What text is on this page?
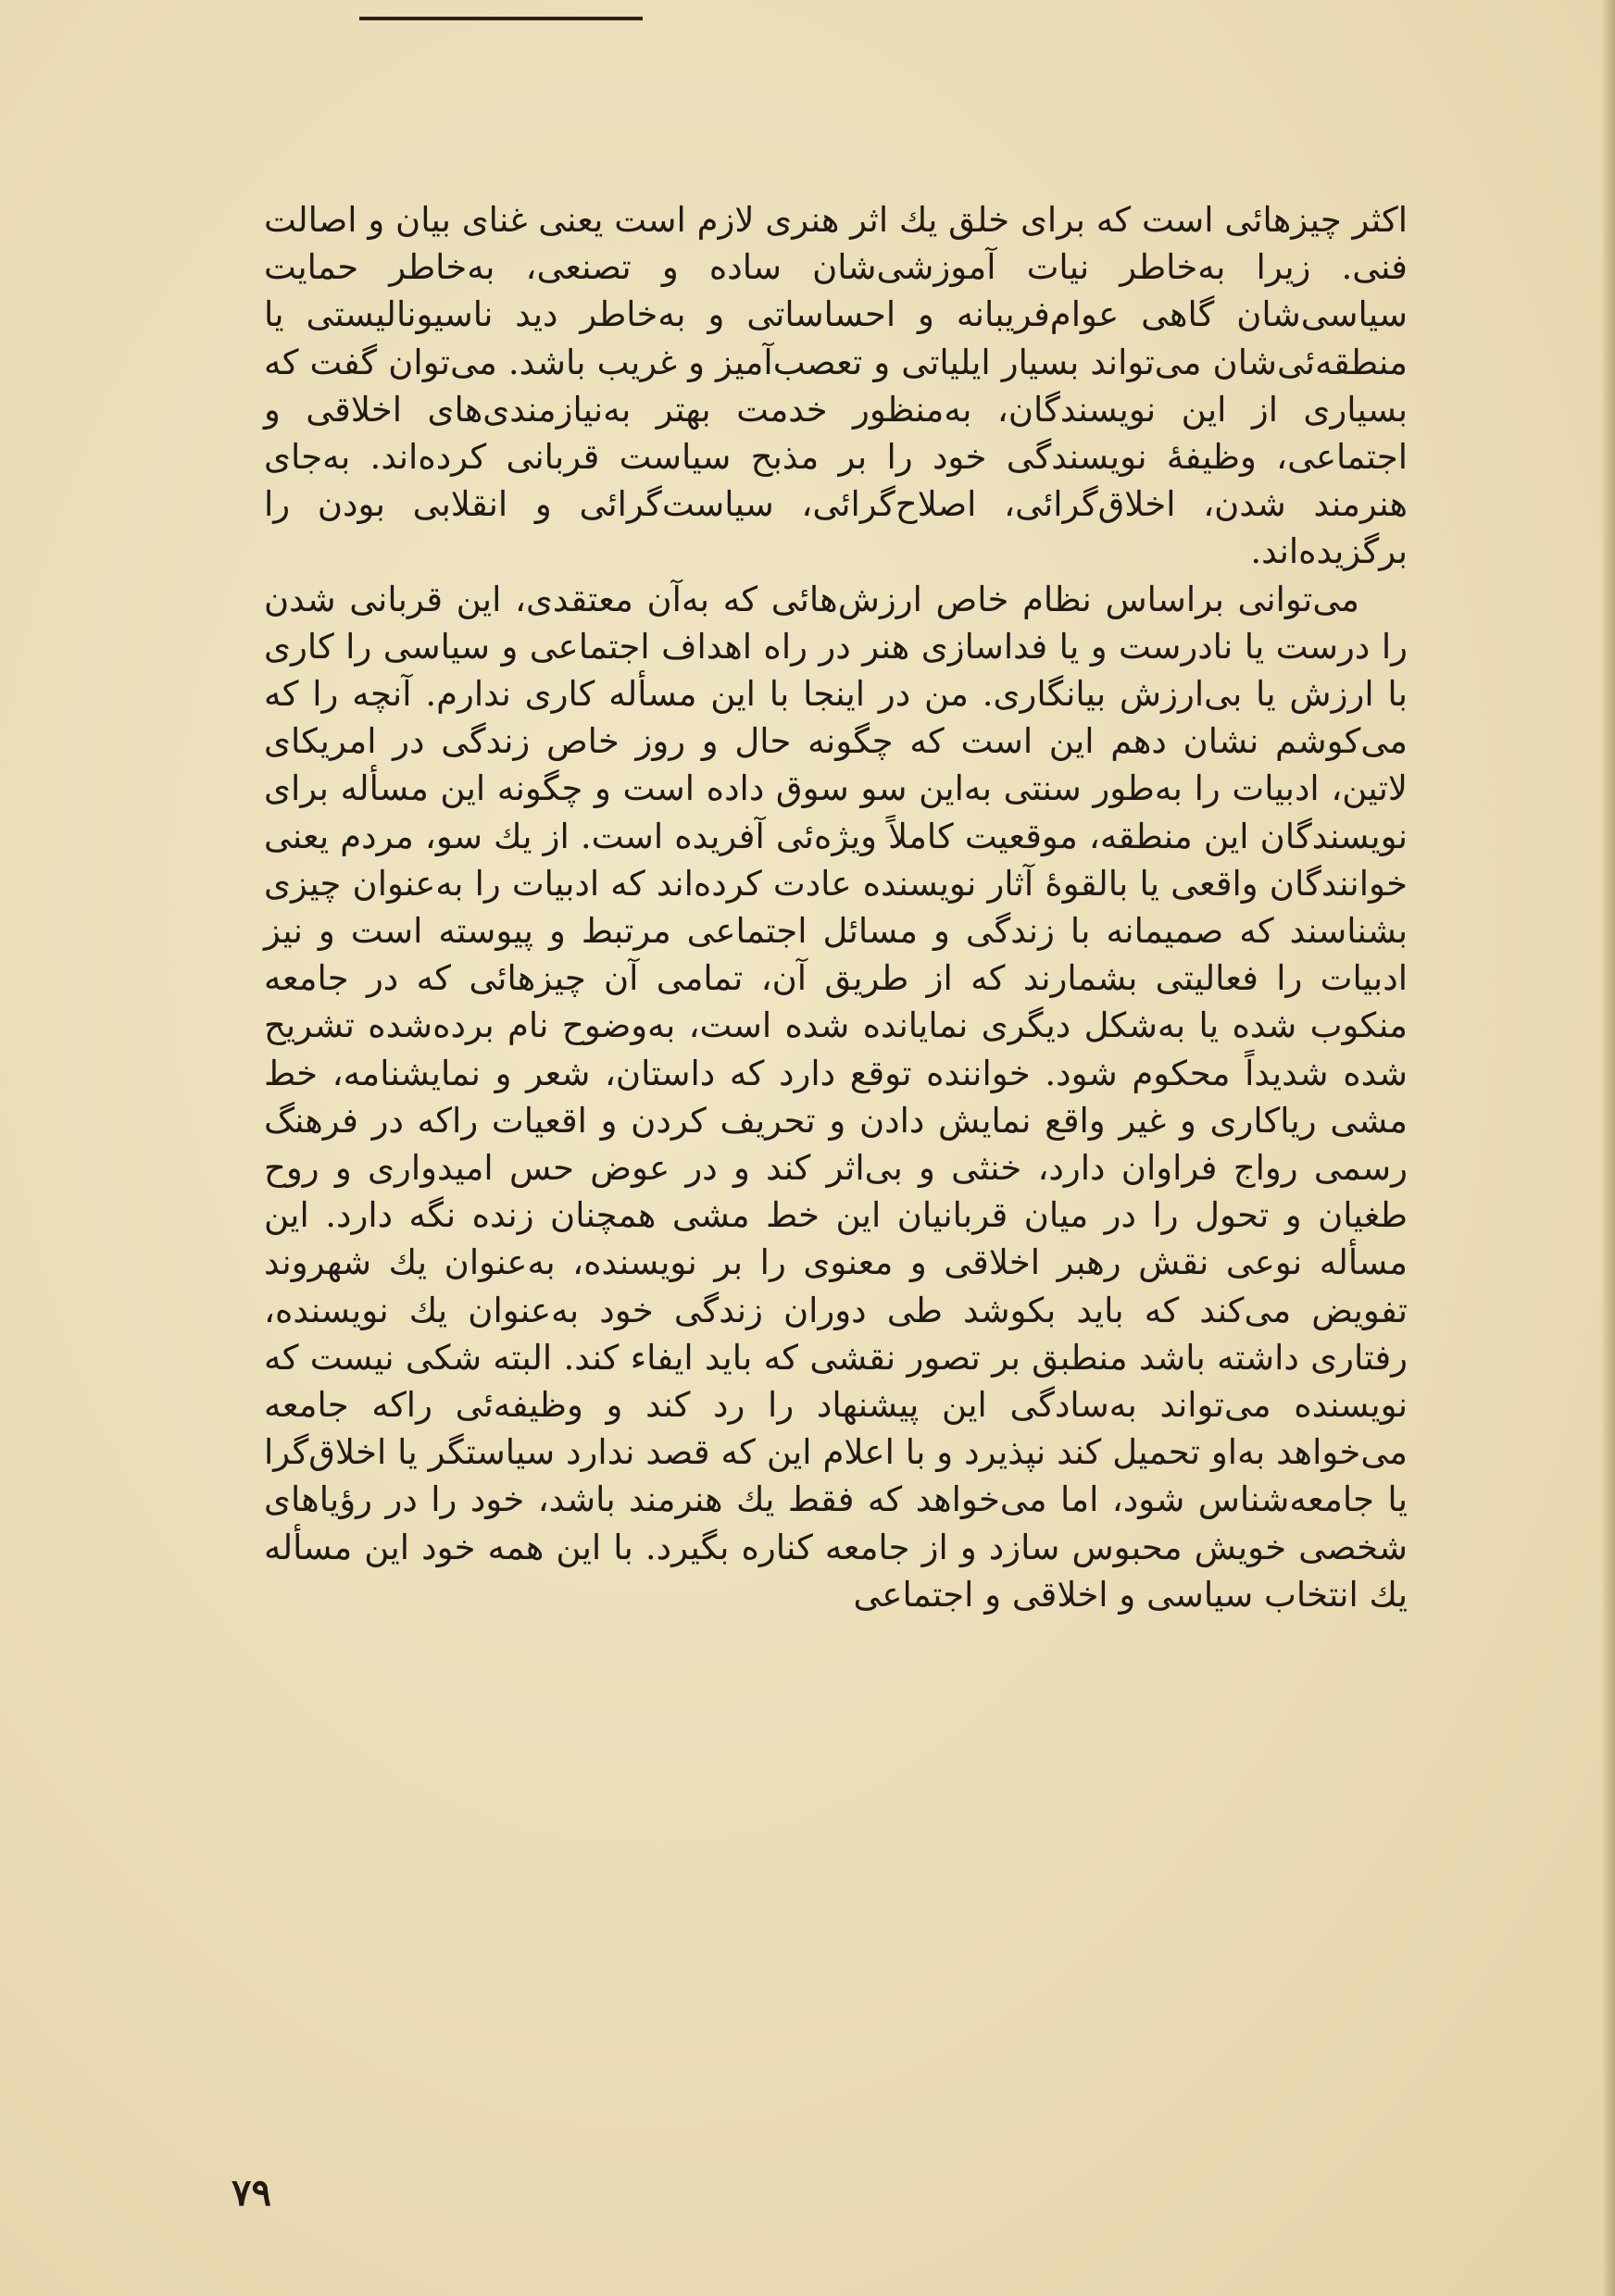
اکثر چیزهائی است که برای خلق یك اثر هنری لازم است یعنی غنای بیان و اصالت فنی. زیرا به‌خاطر نیات آموزشی‌شان ساده و تصنعی، به‌خاطر حمایت سیاسی‌شان گاهی عوام‌فریبانه و احساساتی و به‌خاطر دید ناسیونالیستی یا منطقه‌ئی‌شان می‌تواند بسیار ایلیاتی و تعصب‌آمیز و غریب باشد. می‌توان گفت که بسیاری از این نویسندگان، به‌منظور خدمت بهتر به‌نیازمندی‌های اخلاقی و اجتماعی، وظیفهٔ نویسندگی خود را بر مذبح سیاست قربانی کرده‌اند. به‌جای هنرمند شدن، اخلاق‌گرائی، اصلاح‌گرائی، سیاست‌گرائی و انقلابی بودن را برگزیده‌اند.

می‌توانی براساس نظام خاص ارزش‌هائی که به‌آن معتقدی، این قربانی شدن را درست یا نادرست و یا فداسازی هنر در راه اهداف اجتماعی و سیاسی را کاری با ارزش یا بی‌ارزش بیانگاری. من در اینجا با این مسأله کاری ندارم. آنچه را که می‌کوشم نشان دهم این است که چگونه حال و روز خاص زندگی در امریکای لاتین، ادبیات را به‌طور سنتی به‌این سو سوق داده است و چگونه این مسأله برای نویسندگان این منطقه، موقعیت کاملاً ویژه‌ئی آفریده است. از یك سو، مردم یعنی خوانندگان واقعی یا بالقوهٔ آثار نویسنده عادت کرده‌اند که ادبیات را به‌عنوان چیزی بشناسند که صمیمانه با زندگی و مسائل اجتماعی مرتبط و پیوسته است و نیز ادبیات را فعالیتی بشمارند که از طریق آن، تمامی آن چیزهائی که در جامعه منکوب شده یا به‌شکل دیگری نمایانده شده است، به‌وضوح نام برده‌شده تشریح شده شدیداً محکوم شود. خواننده توقع دارد که داستان، شعر و نمایشنامه، خط مشی ریاکاری و غیر واقع نمایش دادن و تحریف کردن و اقعیات راکه در فرهنگ رسمی رواج فراوان دارد، خنثی و بی‌اثر کند و در عوض حس امیدواری و روح طغیان و تحول را در میان قربانیان این خط مشی همچنان زنده نگه دارد. این مسأله نوعی نقش رهبر اخلاقی و معنوی را بر نویسنده، به‌عنوان یك شهروند تفویض می‌کند که باید بکوشد طی دوران زندگی خود به‌عنوان یك نویسنده، رفتاری داشته باشد منطبق بر تصور نقشی که باید ایفاء کند. البته شکی نیست که نویسنده می‌تواند به‌سادگی این پیشنهاد را رد کند و وظیفه‌ئی راکه جامعه می‌خواهد به‌او تحمیل کند نپذیرد و با اعلام این که قصد ندارد سیاستگر یا اخلاق‌گرا یا جامعه‌شناس شود، اما می‌خواهد که فقط یك هنرمند باشد، خود را در رؤیاهای شخصی خویش محبوس سازد و از جامعه کناره بگیرد. با این همه خود این مسأله یك انتخاب سیاسی و اخلاقی و اجتماعی

۷۹
